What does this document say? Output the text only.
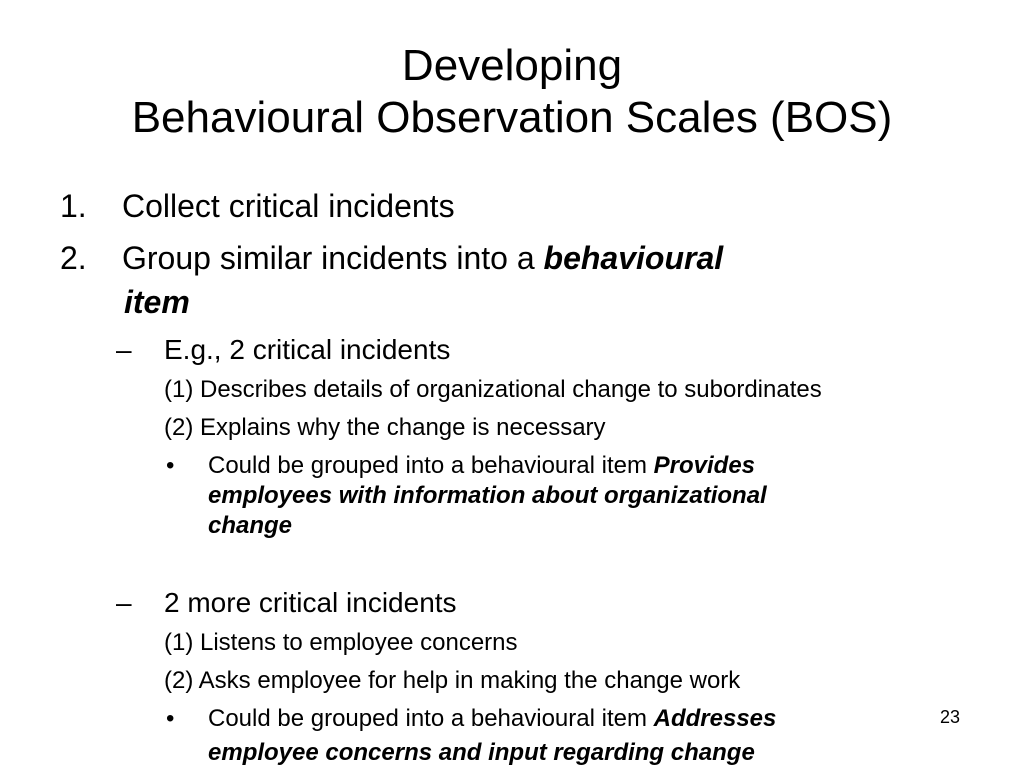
Developing
Behavioural Observation Scales (BOS)
1. Collect critical incidents
2. Group similar incidents into a behavioural
item
– E.g., 2 critical incidents
(1) Describes details of organizational change to subordinates
(2) Explains why the change is necessary
• Could be grouped into a behavioural item Provides
employees with information about organizational
change
– 2 more critical incidents
(1) Listens to employee concerns
(2) Asks employee for help in making the change work
• Could be grouped into a behavioural item Addresses
employee concerns and input regarding change
23
